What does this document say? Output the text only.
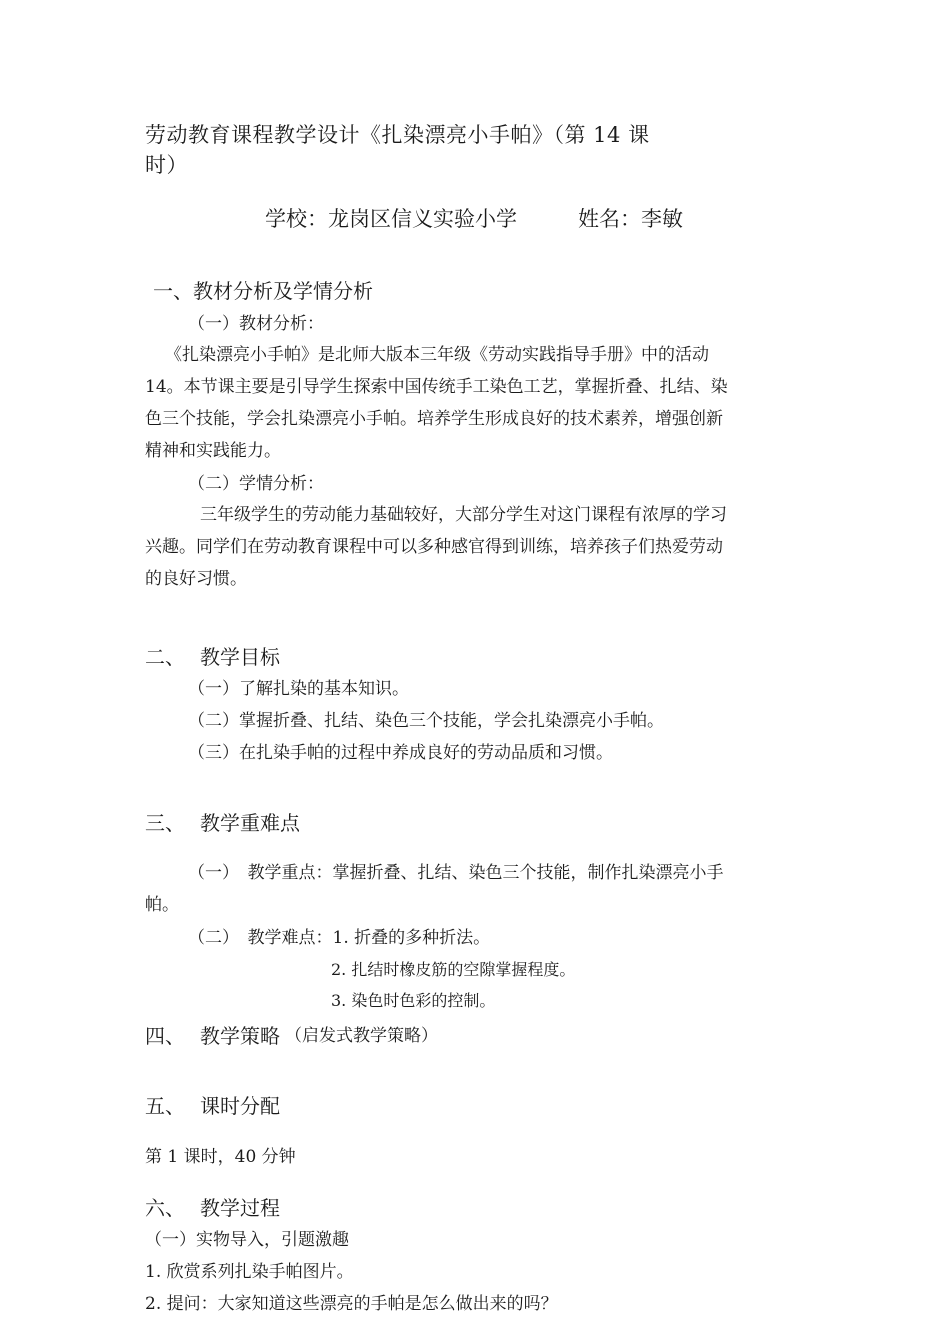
劳动教育课程教学设计《扎染漂亮小手帕》（第 14 课
时）
学校：龙岗区信义实验小学	姓名：李敏
一、教材分析及学情分析
（一）教材分析：
《扎染漂亮小手帕》是北师大版本三年级《劳动实践指导手册》中的活动
14。本节课主要是引导学生探索中国传统手工染色工艺，掌握折叠、扎结、染
色三个技能，学会扎染漂亮小手帕。培养学生形成良好的技术素养，增强创新
精神和实践能力。
（二）学情分析：
三年级学生的劳动能力基础较好，大部分学生对这门课程有浓厚的学习
兴趣。同学们在劳动教育课程中可以多种感官得到训练，培养孩子们热爱劳动
的良好习惯。
二、 教学目标
（一）了解扎染的基本知识。
（二）掌握折叠、扎结、染色三个技能，学会扎染漂亮小手帕。
（三）在扎染手帕的过程中养成良好的劳动品质和习惯。
三、 教学重难点
（一）　教学重点：掌握折叠、扎结、染色三个技能，制作扎染漂亮小手
帕。
（二）　教学难点：1. 折叠的多种折法。
2. 扎结时橡皮筋的空隙掌握程度。
3. 染色时色彩的控制。
四、 教学策略 （启发式教学策略）
五、 课时分配
第 1 课时，40 分钟
六、 教学过程
（一）实物导入，引题激趣
1. 欣赏系列扎染手帕图片。
2. 提问：大家知道这些漂亮的手帕是怎么做出来的吗？
